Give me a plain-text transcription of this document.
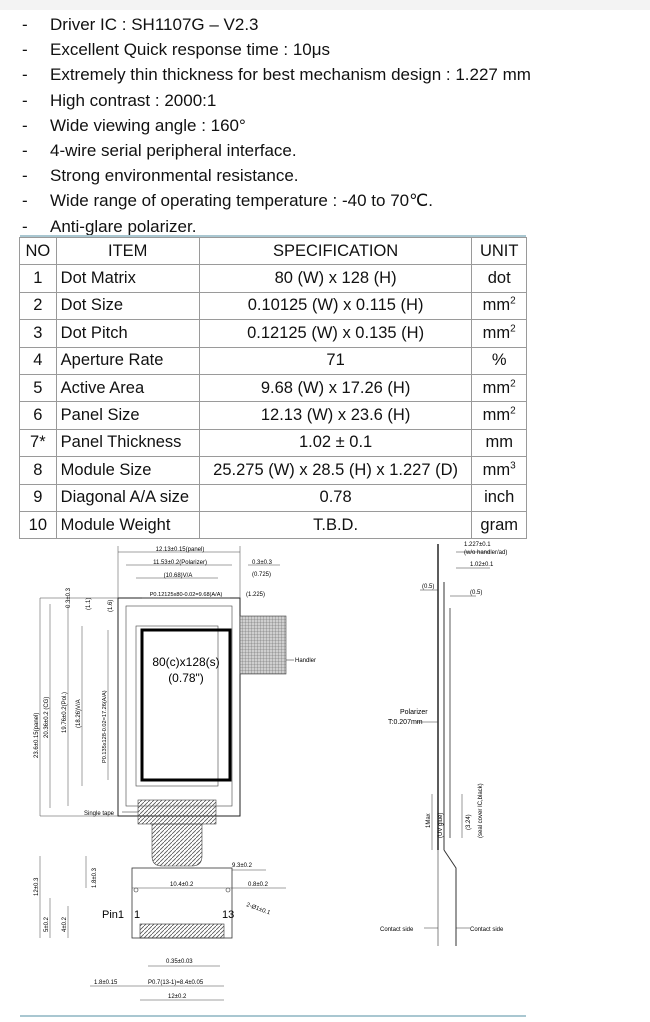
- Driver IC : SH1107G – V2.3
- Excellent Quick response time : 10μs
- Extremely thin thickness for best mechanism design : 1.227 mm
- High contrast : 2000:1
- Wide viewing angle : 160°
- 4-wire serial peripheral interface.
- Strong environmental resistance.
- Wide range of operating temperature : -40 to 70℃.
- Anti-glare polarizer.
NO	ITEM	SPECIFICATION	UNIT
1	Dot Matrix	80 (W) x 128 (H)	dot
2	Dot Size	0.10125 (W) x 0.115 (H)	$mm^2$
3	Dot Pitch	0.12125 (W) x 0.135 (H)	$mm^2$
4	Aperture Rate	71	%
5	Active Area	9.68 (W) x 17.26 (H)	$mm^2$
6	Panel Size	12.13 (W) x 23.6 (H)	$mm^2$
7*	Panel Thickness	1.02 ± 0.1	mm
8	Module Size	25.275 (W) x 28.5 (H) x 1.227 (D)	$mm^3$
9	Diagonal A/A size	0.78	inch
10	Module Weight	T.B.D.	gram
80(c)x128(s)
(0.78")
Handler
Single tape
Pin1 1	13
12.13±0.15(panel)
11.53±0.2(Polarizer)
(10.68)V/A
P0.12125x80-0.02=9.68(A/A)
0.3±0.3
(0.725)
(1.225)
23.6±0.15(panel) 20.36±0.2 (CG) 19.76±0.2(Pol.) (18.26)V/A	P0.135x128-0.02=17.26(A/A)
0.3±0.3 (1.1)	(1.6)
12±0.3	1.8±0.3
5±0.2 4±0.2
9.3±0.2
10.4±0.2	0.8±0.2
2-Ø1±0.1
0.35±0.03
1.8±0.15	P0.7(13-1)=8.4±0.05
12±0.2
1.227±0.1
(w/o handler/ad)
1.02±0.1
(0.5)
(0.5)
Polarizer
T:0.207mm
1Max (UV glue)	(3.24) (seal cover IC,black)
Contact side	Contact side
